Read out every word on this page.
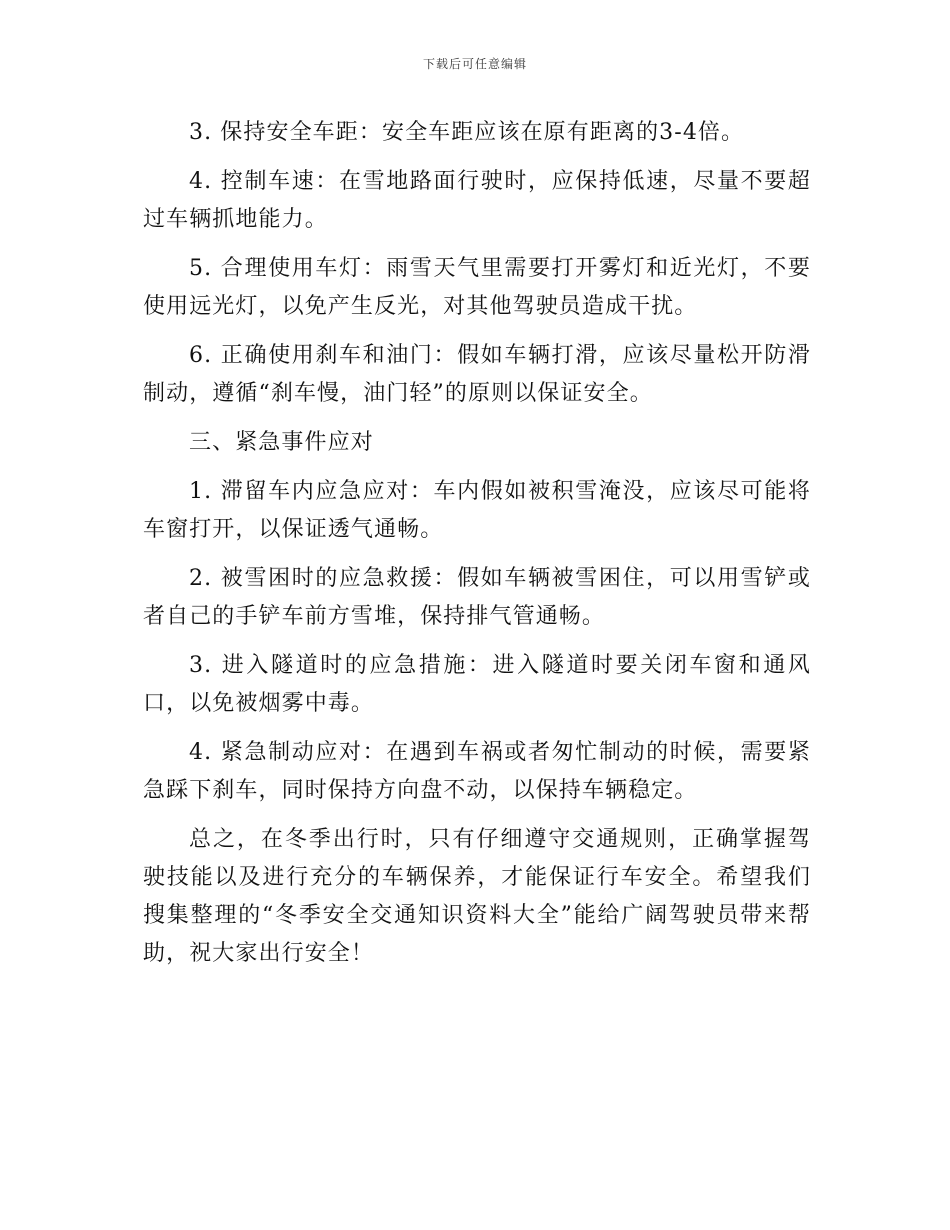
下载后可任意编辑

3. 保持安全车距：安全车距应该在原有距离的3-4倍。

4. 控制车速：在雪地路面行驶时，应保持低速，尽量不要超过车辆抓地能力。

5. 合理使用车灯：雨雪天气里需要打开雾灯和近光灯，不要使用远光灯，以免产生反光，对其他驾驶员造成干扰。

6. 正确使用刹车和油门：假如车辆打滑，应该尽量松开防滑制动，遵循“刹车慢，油门轻”的原则以保证安全。

三、紧急事件应对

1. 滞留车内应急应对：车内假如被积雪淹没，应该尽可能将车窗打开，以保证透气通畅。

2. 被雪困时的应急救援：假如车辆被雪困住，可以用雪铲或者自己的手铲车前方雪堆，保持排气管通畅。

3. 进入隧道时的应急措施：进入隧道时要关闭车窗和通风口，以免被烟雾中毒。

4. 紧急制动应对：在遇到车祸或者匆忙制动的时候，需要紧急踩下刹车，同时保持方向盘不动，以保持车辆稳定。

总之，在冬季出行时，只有仔细遵守交通规则，正确掌握驾驶技能以及进行充分的车辆保养，才能保证行车安全。希望我们搜集整理的“冬季安全交通知识资料大全”能给广阔驾驶员带来帮助，祝大家出行安全！
